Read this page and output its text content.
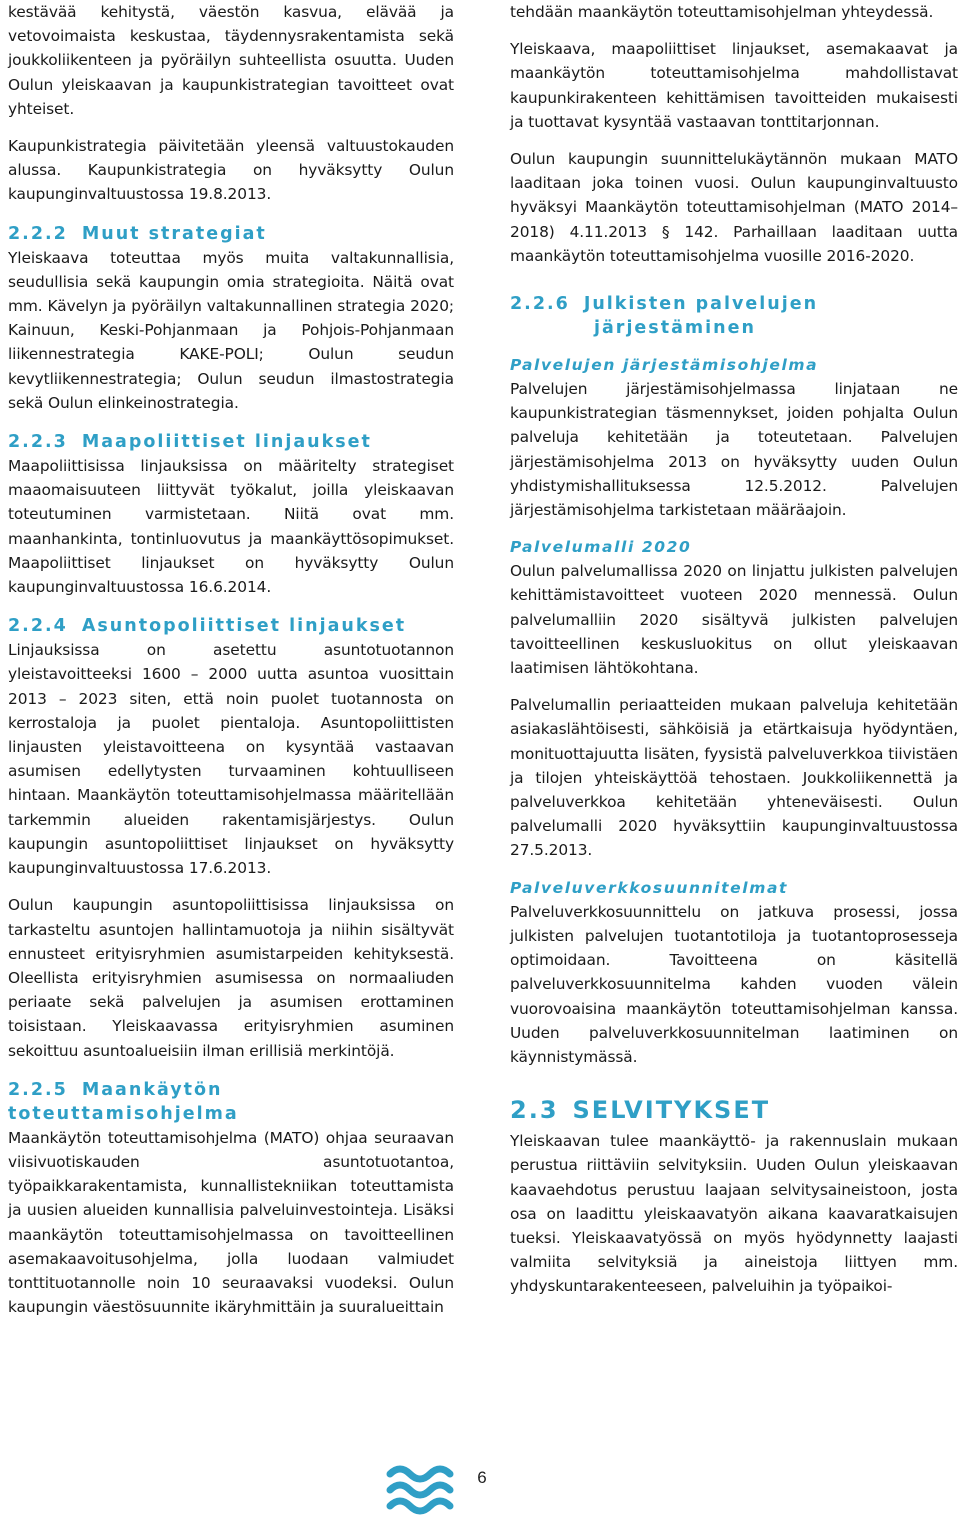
kestävää kehitystä, väestön kasvua, elävää ja vetovoimaista keskustaa, täydennysrakentamista sekä joukkoliikenteen ja pyöräilyn suhteellista osuutta. Uuden Oulun yleiskaavan ja kaupunkistrategian tavoitteet ovat yhteiset.

Kaupunkistrategia päivitetään yleensä valtuustokauden alussa. Kaupunkistrategia on hyväksytty Oulun kaupunginvaltuustossa 19.8.2013.

2.2.2 Muut strategiat

Yleiskaava toteuttaa myös muita valtakunnallisia, seudullisia sekä kaupungin omia strategioita. Näitä ovat mm. Kävelyn ja pyöräilyn valtakunnallinen strategia 2020; Kainuun, Keski-Pohjanmaan ja Pohjois-Pohjanmaan liikennestrategia KAKE-POLI; Oulun seudun kevytliikennestrategia; Oulun seudun ilmastostrategia sekä Oulun elinkeinostrategia.

2.2.3 Maapoliittiset linjaukset

Maapoliittisissa linjauksissa on määritelty strategiset maaomaisuuteen liittyvät työkalut, joilla yleiskaavan toteutuminen varmistetaan. Niitä ovat mm. maanhankinta, tontinluovutus ja maankäyttösopimukset. Maapoliittiset linjaukset on hyväksytty Oulun kaupunginvaltuustossa 16.6.2014.

2.2.4 Asuntopoliittiset linjaukset

Linjauksissa on asetettu asuntotuotannon yleistavoitteeksi 1600 – 2000 uutta asuntoa vuosittain 2013 – 2023 siten, että noin puolet tuotannosta on kerrostaloja ja puolet pientaloja. Asuntopoliittisten linjausten yleistavoitteena on kysyntää vastaavan asumisen edellytysten turvaaminen kohtuulliseen hintaan. Maankäytön toteuttamisohjelmassa määritellään tarkemmin alueiden rakentamisjärjestys. Oulun kaupungin asuntopoliittiset linjaukset on hyväksytty kaupunginvaltuustossa 17.6.2013.

Oulun kaupungin asuntopoliittisissa linjauksissa on tarkasteltu asuntojen hallintamuotoja ja niihin sisältyvät ennusteet erityisryhmien asumistarpeiden kehityksestä. Oleellista erityisryhmien asumisessa on normaaliuden periaate sekä palvelujen ja asumisen erottaminen toisistaan. Yleiskaavassa erityisryhmien asuminen sekoittuu asuntoalueisiin ilman erillisiä merkintöjä.

2.2.5 Maankäytön
toteuttamisohjelma

Maankäytön toteuttamisohjelma (MATO) ohjaa seuraavan viisivuotiskauden asuntotuotantoa, työpaikkarakentamista, kunnallistekniikan toteuttamista ja uusien alueiden kunnallisia palveluinvestointeja. Lisäksi maankäytön toteuttamisohjelmassa on tavoitteellinen asemakaavoitusohjelma, jolla luodaan valmiudet tonttituotannolle noin 10 seuraavaksi vuodeksi. Oulun kaupungin väestösuunnite ikäryhmittäin ja suuralueittain

tehdään maankäytön toteuttamisohjelman yhteydessä.

Yleiskaava, maapoliittiset linjaukset, asemakaavat ja maankäytön toteuttamisohjelma mahdollistavat kaupunkirakenteen kehittämisen tavoitteiden mukaisesti ja tuottavat kysyntää vastaavan tonttitarjonnan.

Oulun kaupungin suunnittelukäytännön mukaan MATO laaditaan joka toinen vuosi. Oulun kaupunginvaltuusto hyväksyi Maankäytön toteuttamisohjelman (MATO 2014–2018) 4.11.2013 § 142. Parhaillaan laaditaan uutta maankäytön toteuttamisohjelma vuosille 2016-2020.

2.2.6 Julkisten palvelujen
järjestäminen
Palvelujen järjestämisohjelma

Palvelujen järjestämisohjelmassa linjataan ne kaupunkistrategian täsmennykset, joiden pohjalta Oulun palveluja kehitetään ja toteutetaan. Palvelujen järjestämisohjelma 2013 on hyväksytty uuden Oulun yhdistymishallituksessa 12.5.2012. Palvelujen järjestämisohjelma tarkistetaan määräajoin.

Palvelumalli 2020

Oulun palvelumallissa 2020 on linjattu julkisten palvelujen kehittämistavoitteet vuoteen 2020 mennessä. Oulun palvelumalliin 2020 sisältyvä julkisten palvelujen tavoitteellinen keskusluokitus on ollut yleiskaavan laatimisen lähtökohtana.

Palvelumallin periaatteiden mukaan palveluja kehitetään asiakaslähtöisesti, sähköisiä ja etärtkaisuja hyödyntäen, monituottajuutta lisäten, fyysistä palveluverkkoa tiivistäen ja tilojen yhteiskäyttöä tehostaen. Joukkoliikennettä ja palveluverkkoa kehitetään yhteneväisesti. Oulun palvelumalli 2020 hyväksyttiin kaupunginvaltuustossa 27.5.2013.

Palveluverkkosuunnitelmat

Palveluverkkosuunnittelu on jatkuva prosessi, jossa julkisten palvelujen tuotantotiloja ja tuotantoprosesseja optimoidaan. Tavoitteena on käsitellä palveluverkkosuunnitelma kahden vuoden välein vuorovoaisina maankäytön toteuttamisohjelman kanssa. Uuden palveluverkkosuunnitelman laatiminen on käynnistymässä.

2.3 SELVITYKSET

Yleiskaavan tulee maankäyttö- ja rakennuslain mukaan perustua riittäviin selvityksiin. Uuden Oulun yleiskaavan kaavaehdotus perustuu laajaan selvitysaineistoon, josta osa on laadittu yleiskaavatyön aikana kaavaratkaisujen tueksi. Yleiskaavatyössä on myös hyödynnetty laajasti valmiita selvityksiä ja aineistoja liittyen mm. yhdyskuntarakenteeseen, palveluihin ja työpaikoi-

6
